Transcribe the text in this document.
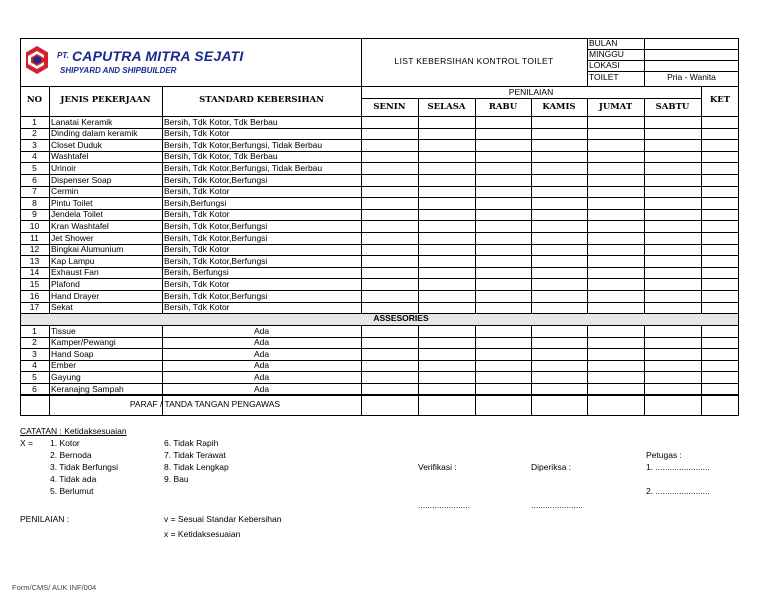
PT. CAPUTRA MITRA SEJATI
SHIPYARD AND SHIPBUILDER
LIST KEBERSIHAN KONTROL TOILET
BULAN
MINGGU
LOKASI
TOILET	Pria - Wanita
NO	JENIS PEKERJAAN	STANDARD KEBERSIHAN
PENILAIAN
KET
SENIN	SELASA	RABU	KAMIS	JUMAT	SABTU
ASSESORIES
1	Lanatai Keramik	Bersih, Tdk Kotor, Tdk Berbau
2	Dinding dalam keramik	Bersih, Tdk Kotor
3	Closet Duduk	Bersih, Tdk Kotor,Berfungsi, Tidak Berbau
4	Washtafel	Bersih, Tdk Kotor, Tdk Berbau
5	Urinoir	Bersih, Tdk Kotor,Berfungsi, Tidak Berbau
6	Dispenser Soap	Bersih, Tdk Kotor,Berfungsi
7	Cermin	Bersih, Tdk Kotor
8	Pintu Toilet	Bersih,Berfungsi
9	Jendela Toilet	Bersih, Tdk Kotor
10	Kran Washtafel	Bersih, Tdk Kotor,Berfungsi
11	Jet Shower	Bersih, Tdk Kotor,Berfungsi
12	Bingkai Alumunium	Bersih, Tdk Kotor
13	Kap Lampu	Bersih, Tdk Kotor,Berfungsi
14	Exhaust Fan	Bersih, Berfungsi
15	Plafond	Bersih, Tdk Kotor
16	Hand Drayer	Bersih, Tdk Kotor,Berfungsi
17	Sekat	Bersih, Tdk Kotor
1	Tissue	Ada
2	Kamper/Pewangi	Ada
3	Hand Soap	Ada
4	Ember	Ada
5	Gayung	Ada
6	Keranajng Sampah	Ada
PARAF / TANDA TANGAN PENGAWAS
CATATAN : Ketidaksesuaian
X = 1. Kotor
2. Bernoda
3. Tidak Berfungsi
4. Tidak ada
5. Berlumut
6. Tidak Rapih
7. Tidak Terawat
8. Tidak Lengkap
9. Bau
Verifikasi :	Diperiksa :
Petugas :
1. .......................
2. .......................
......................	......................
PENILAIAN :	v = Sesuai Standar Kebersihan
x = Ketidaksesuaian
Form/CMS/ AUK INF/004
